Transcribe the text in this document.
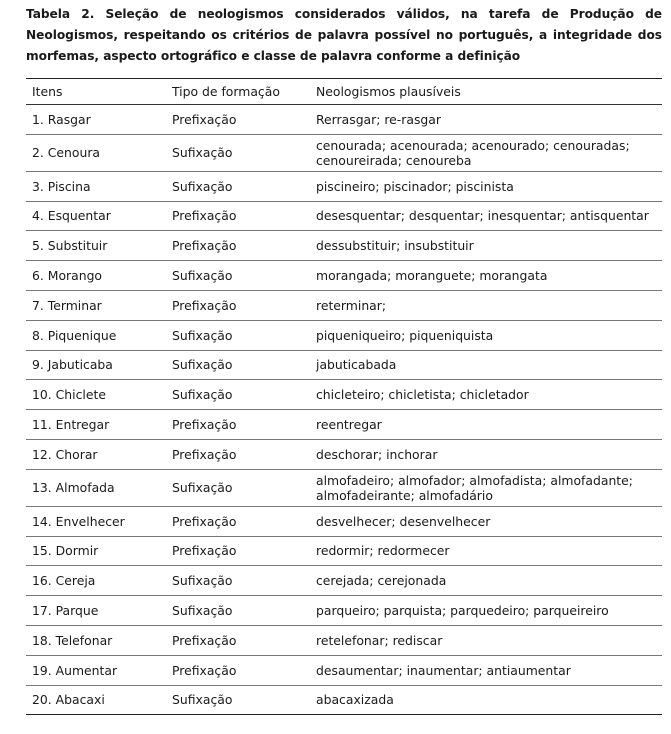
Tabela 2. Seleção de neologismos considerados válidos, na tarefa de Produção de Neologismos, respeitando os critérios de palavra possível no português, a integridade dos morfemas, aspecto ortográfico e classe de palavra conforme a definição
Itens	Tipo de formação	Neologismos plausíveis
1. Rasgar	Prefixação	Rerrasgar; re-rasgar
2. Cenoura	Sufixação	cenourada; acenourada; acenourado; cenouradas; cenoureirada; cenoureba
3. Piscina	Sufixação	piscineiro; piscinador; piscinista
4. Esquentar	Prefixação	desesquentar; desquentar; inesquentar; antisquentar
5. Substituir	Prefixação	dessubstituir; insubstituir
6. Morango	Sufixação	morangada; moranguete; morangata
7. Terminar	Prefixação	reterminar;
8. Piquenique	Sufixação	piqueniqueiro; piqueniquista
9. Jabuticaba	Sufixação	jabuticabada
10. Chiclete	Sufixação	chicleteiro; chicletista; chicletador
11. Entregar	Prefixação	reentregar
12. Chorar	Prefixação	deschorar; inchorar
13. Almofada	Sufixação	almofadeiro; almofador; almofadista; almofadante; almofadeirante; almofadário
14. Envelhecer	Prefixação	desvelhecer; desenvelhecer
15. Dormir	Prefixação	redormir; redormecer
16. Cereja	Sufixação	cerejada; cerejonada
17. Parque	Sufixação	parqueiro; parquista; parquedeiro; parqueireiro
18. Telefonar	Prefixação	retelefonar; rediscar
19. Aumentar	Prefixação	desaumentar; inaumentar; antiaumentar
20. Abacaxi	Sufixação	abacaxizada
